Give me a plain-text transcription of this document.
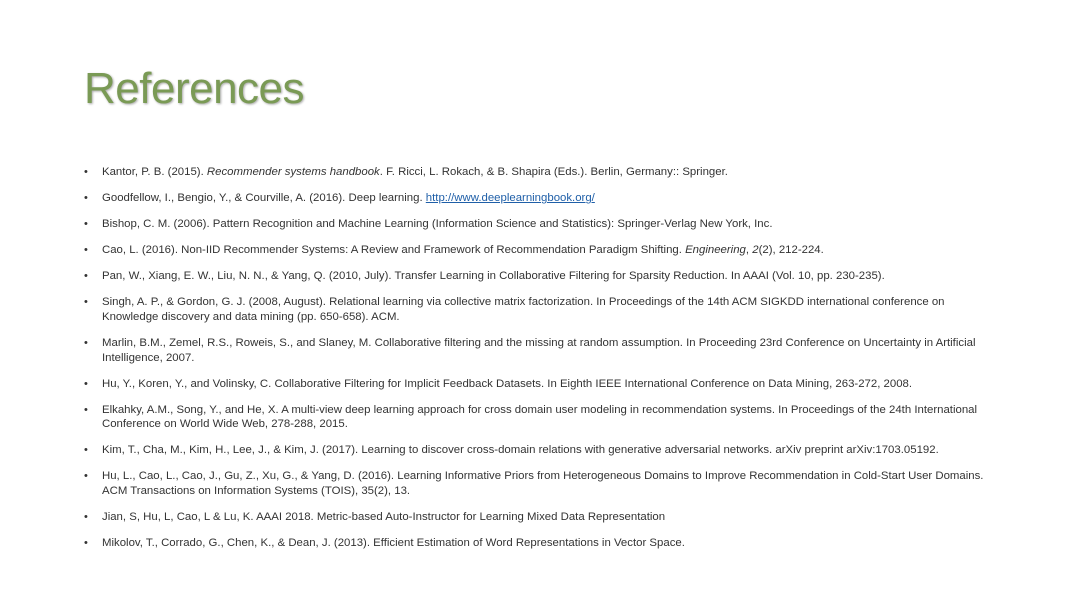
References
• Kantor, P. B. (2015). Recommender systems handbook. F. Ricci, L. Rokach, & B. Shapira (Eds.). Berlin, Germany:: Springer.
• Goodfellow, I., Bengio, Y., & Courville, A. (2016). Deep learning. http://www.deeplearningbook.org/
• Bishop, C. M. (2006). Pattern Recognition and Machine Learning (Information Science and Statistics): Springer-Verlag New York, Inc.
• Cao, L. (2016). Non-IID Recommender Systems: A Review and Framework of Recommendation Paradigm Shifting. Engineering, 2(2), 212-224.
• Pan, W., Xiang, E. W., Liu, N. N., & Yang, Q. (2010, July). Transfer Learning in Collaborative Filtering for Sparsity Reduction. In AAAI (Vol. 10, pp. 230-235).
• Singh, A. P., & Gordon, G. J. (2008, August). Relational learning via collective matrix factorization. In Proceedings of the 14th ACM SIGKDD international conference on Knowledge discovery and data mining (pp. 650-658). ACM.
• Marlin, B.M., Zemel, R.S., Roweis, S., and Slaney, M. Collaborative filtering and the missing at random assumption. In Proceeding 23rd Conference on Uncertainty in Artificial Intelligence, 2007.
• Hu, Y., Koren, Y., and Volinsky, C. Collaborative Filtering for Implicit Feedback Datasets. In Eighth IEEE International Conference on Data Mining, 263-272, 2008.
• Elkahky, A.M., Song, Y., and He, X. A multi-view deep learning approach for cross domain user modeling in recommendation systems. In Proceedings of the 24th International Conference on World Wide Web, 278-288, 2015.
• Kim, T., Cha, M., Kim, H., Lee, J., & Kim, J. (2017). Learning to discover cross-domain relations with generative adversarial networks. arXiv preprint arXiv:1703.05192.
• Hu, L., Cao, L., Cao, J., Gu, Z., Xu, G., & Yang, D. (2016). Learning Informative Priors from Heterogeneous Domains to Improve Recommendation in Cold-Start User Domains. ACM Transactions on Information Systems (TOIS), 35(2), 13.
• Jian, S, Hu, L, Cao, L & Lu, K. AAAI 2018. Metric-based Auto-Instructor for Learning Mixed Data Representation
• Mikolov, T., Corrado, G., Chen, K., & Dean, J. (2013). Efficient Estimation of Word Representations in Vector Space.
